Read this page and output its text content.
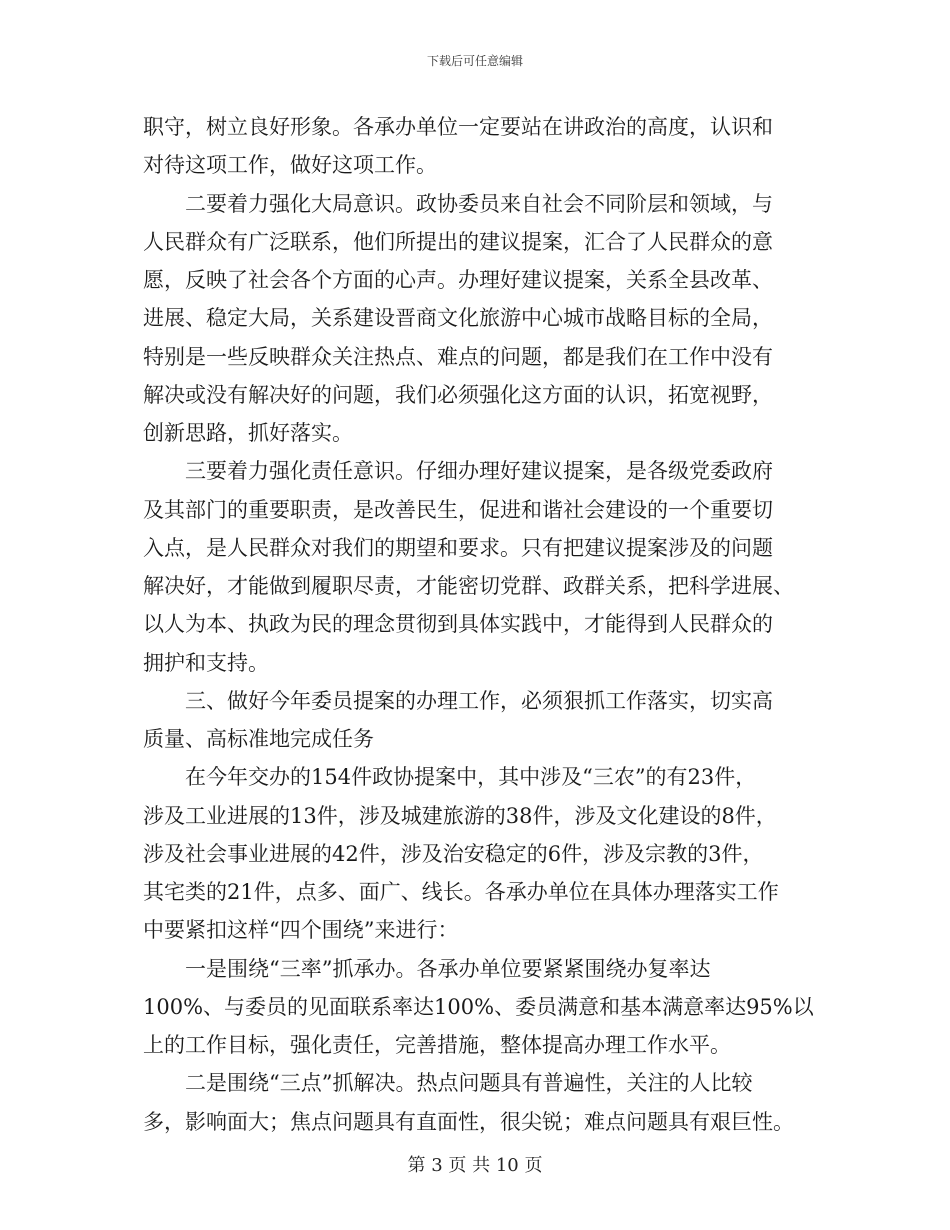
下载后可任意编辑
职守，树立良好形象。各承办单位一定要站在讲政治的高度，认识和
对待这项工作，做好这项工作。
　　二要着力强化大局意识。政协委员来自社会不同阶层和领域，与
人民群众有广泛联系，他们所提出的建议提案，汇合了人民群众的意
愿，反映了社会各个方面的心声。办理好建议提案，关系全县改革、
进展、稳定大局，关系建设晋商文化旅游中心城市战略目标的全局，
特别是一些反映群众关注热点、难点的问题，都是我们在工作中没有
解决或没有解决好的问题，我们必须强化这方面的认识，拓宽视野，
创新思路，抓好落实。
　　三要着力强化责任意识。仔细办理好建议提案，是各级党委政府
及其部门的重要职责，是改善民生，促进和谐社会建设的一个重要切
入点，是人民群众对我们的期望和要求。只有把建议提案涉及的问题
解决好，才能做到履职尽责，才能密切党群、政群关系，把科学进展、
以人为本、执政为民的理念贯彻到具体实践中，才能得到人民群众的
拥护和支持。
　　三、做好今年委员提案的办理工作，必须狠抓工作落实，切实高
质量、高标准地完成任务
　　在今年交办的154件政协提案中，其中涉及“三农”的有23件，
涉及工业进展的13件，涉及城建旅游的38件，涉及文化建设的8件，
涉及社会事业进展的42件，涉及治安稳定的6件，涉及宗教的3件，
其宅类的21件，点多、面广、线长。各承办单位在具体办理落实工作
中要紧扣这样“四个围绕”来进行：
　　一是围绕“三率”抓承办。各承办单位要紧紧围绕办复率达
100%、与委员的见面联系率达100%、委员满意和基本满意率达95%以
上的工作目标，强化责任，完善措施，整体提高办理工作水平。
　　二是围绕“三点”抓解决。热点问题具有普遍性，关注的人比较
多，影响面大；焦点问题具有直面性，很尖锐；难点问题具有艰巨性。
第 3 页 共 10 页
